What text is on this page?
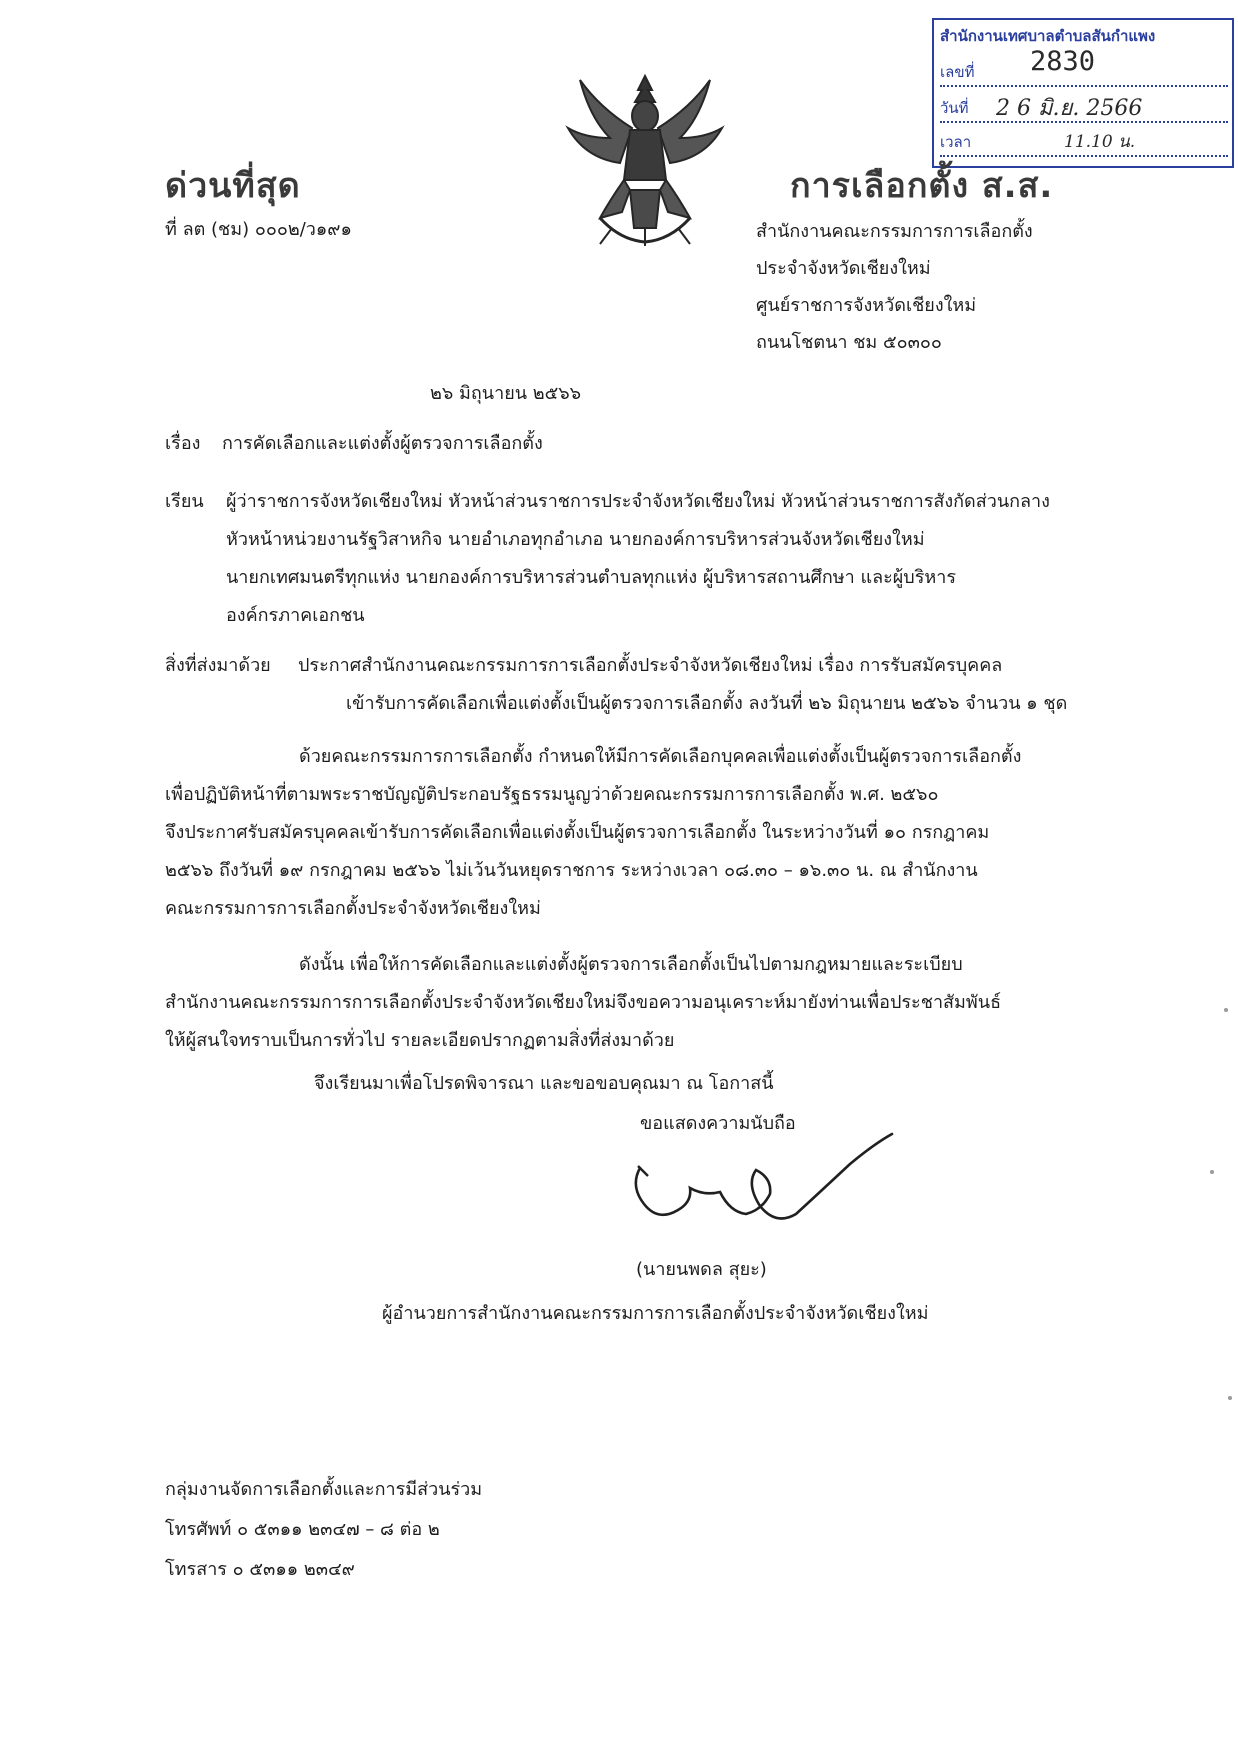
สำนักงานเทศบาลตำบลสันกำแพง
เลขที่ 2830
วันที่ 2 6 มิ.ย. 2566
เวลา	11.10 น.
ด่วนที่สุด
ที่ ลต (ชม) ๐๐๐๒/ว๑๙๑
การเลือกตั้ง ส.ส.
สำนักงานคณะกรรมการการเลือกตั้ง
ประจำจังหวัดเชียงใหม่
ศูนย์ราชการจังหวัดเชียงใหม่
ถนนโชตนา ชม ๕๐๓๐๐
๒๖ มิถุนายน ๒๕๖๖
เรื่อง การคัดเลือกและแต่งตั้งผู้ตรวจการเลือกตั้ง
เรียน ผู้ว่าราชการจังหวัดเชียงใหม่ หัวหน้าส่วนราชการประจำจังหวัดเชียงใหม่ หัวหน้าส่วนราชการสังกัดส่วนกลาง
หัวหน้าหน่วยงานรัฐวิสาหกิจ นายอำเภอทุกอำเภอ นายกองค์การบริหารส่วนจังหวัดเชียงใหม่
นายกเทศมนตรีทุกแห่ง นายกองค์การบริหารส่วนตำบลทุกแห่ง ผู้บริหารสถานศึกษา และผู้บริหาร
องค์กรภาคเอกชน
สิ่งที่ส่งมาด้วย ประกาศสำนักงานคณะกรรมการการเลือกตั้งประจำจังหวัดเชียงใหม่ เรื่อง การรับสมัครบุคคล
เข้ารับการคัดเลือกเพื่อแต่งตั้งเป็นผู้ตรวจการเลือกตั้ง ลงวันที่ ๒๖ มิถุนายน ๒๕๖๖ จำนวน ๑ ชุด
ด้วยคณะกรรมการการเลือกตั้ง กำหนดให้มีการคัดเลือกบุคคลเพื่อแต่งตั้งเป็นผู้ตรวจการเลือกตั้ง
เพื่อปฏิบัติหน้าที่ตามพระราชบัญญัติประกอบรัฐธรรมนูญว่าด้วยคณะกรรมการการเลือกตั้ง พ.ศ. ๒๕๖๐
จึงประกาศรับสมัครบุคคลเข้ารับการคัดเลือกเพื่อแต่งตั้งเป็นผู้ตรวจการเลือกตั้ง ในระหว่างวันที่ ๑๐ กรกฎาคม
๒๕๖๖ ถึงวันที่ ๑๙ กรกฎาคม ๒๕๖๖ ไม่เว้นวันหยุดราชการ ระหว่างเวลา ๐๘.๓๐ – ๑๖.๓๐ น. ณ สำนักงาน
คณะกรรมการการเลือกตั้งประจำจังหวัดเชียงใหม่
ดังนั้น เพื่อให้การคัดเลือกและแต่งตั้งผู้ตรวจการเลือกตั้งเป็นไปตามกฎหมายและระเบียบ
สำนักงานคณะกรรมการการเลือกตั้งประจำจังหวัดเชียงใหม่จึงขอความอนุเคราะห์มายังท่านเพื่อประชาสัมพันธ์
ให้ผู้สนใจทราบเป็นการทั่วไป รายละเอียดปรากฏตามสิ่งที่ส่งมาด้วย
จึงเรียนมาเพื่อโปรดพิจารณา และขอขอบคุณมา ณ โอกาสนี้
ขอแสดงความนับถือ
(นายนพดล สุยะ)
ผู้อำนวยการสำนักงานคณะกรรมการการเลือกตั้งประจำจังหวัดเชียงใหม่
กลุ่มงานจัดการเลือกตั้งและการมีส่วนร่วม
โทรศัพท์ ๐ ๕๓๑๑ ๒๓๔๗ – ๘ ต่อ ๒
โทรสาร ๐ ๕๓๑๑ ๒๓๔๙
